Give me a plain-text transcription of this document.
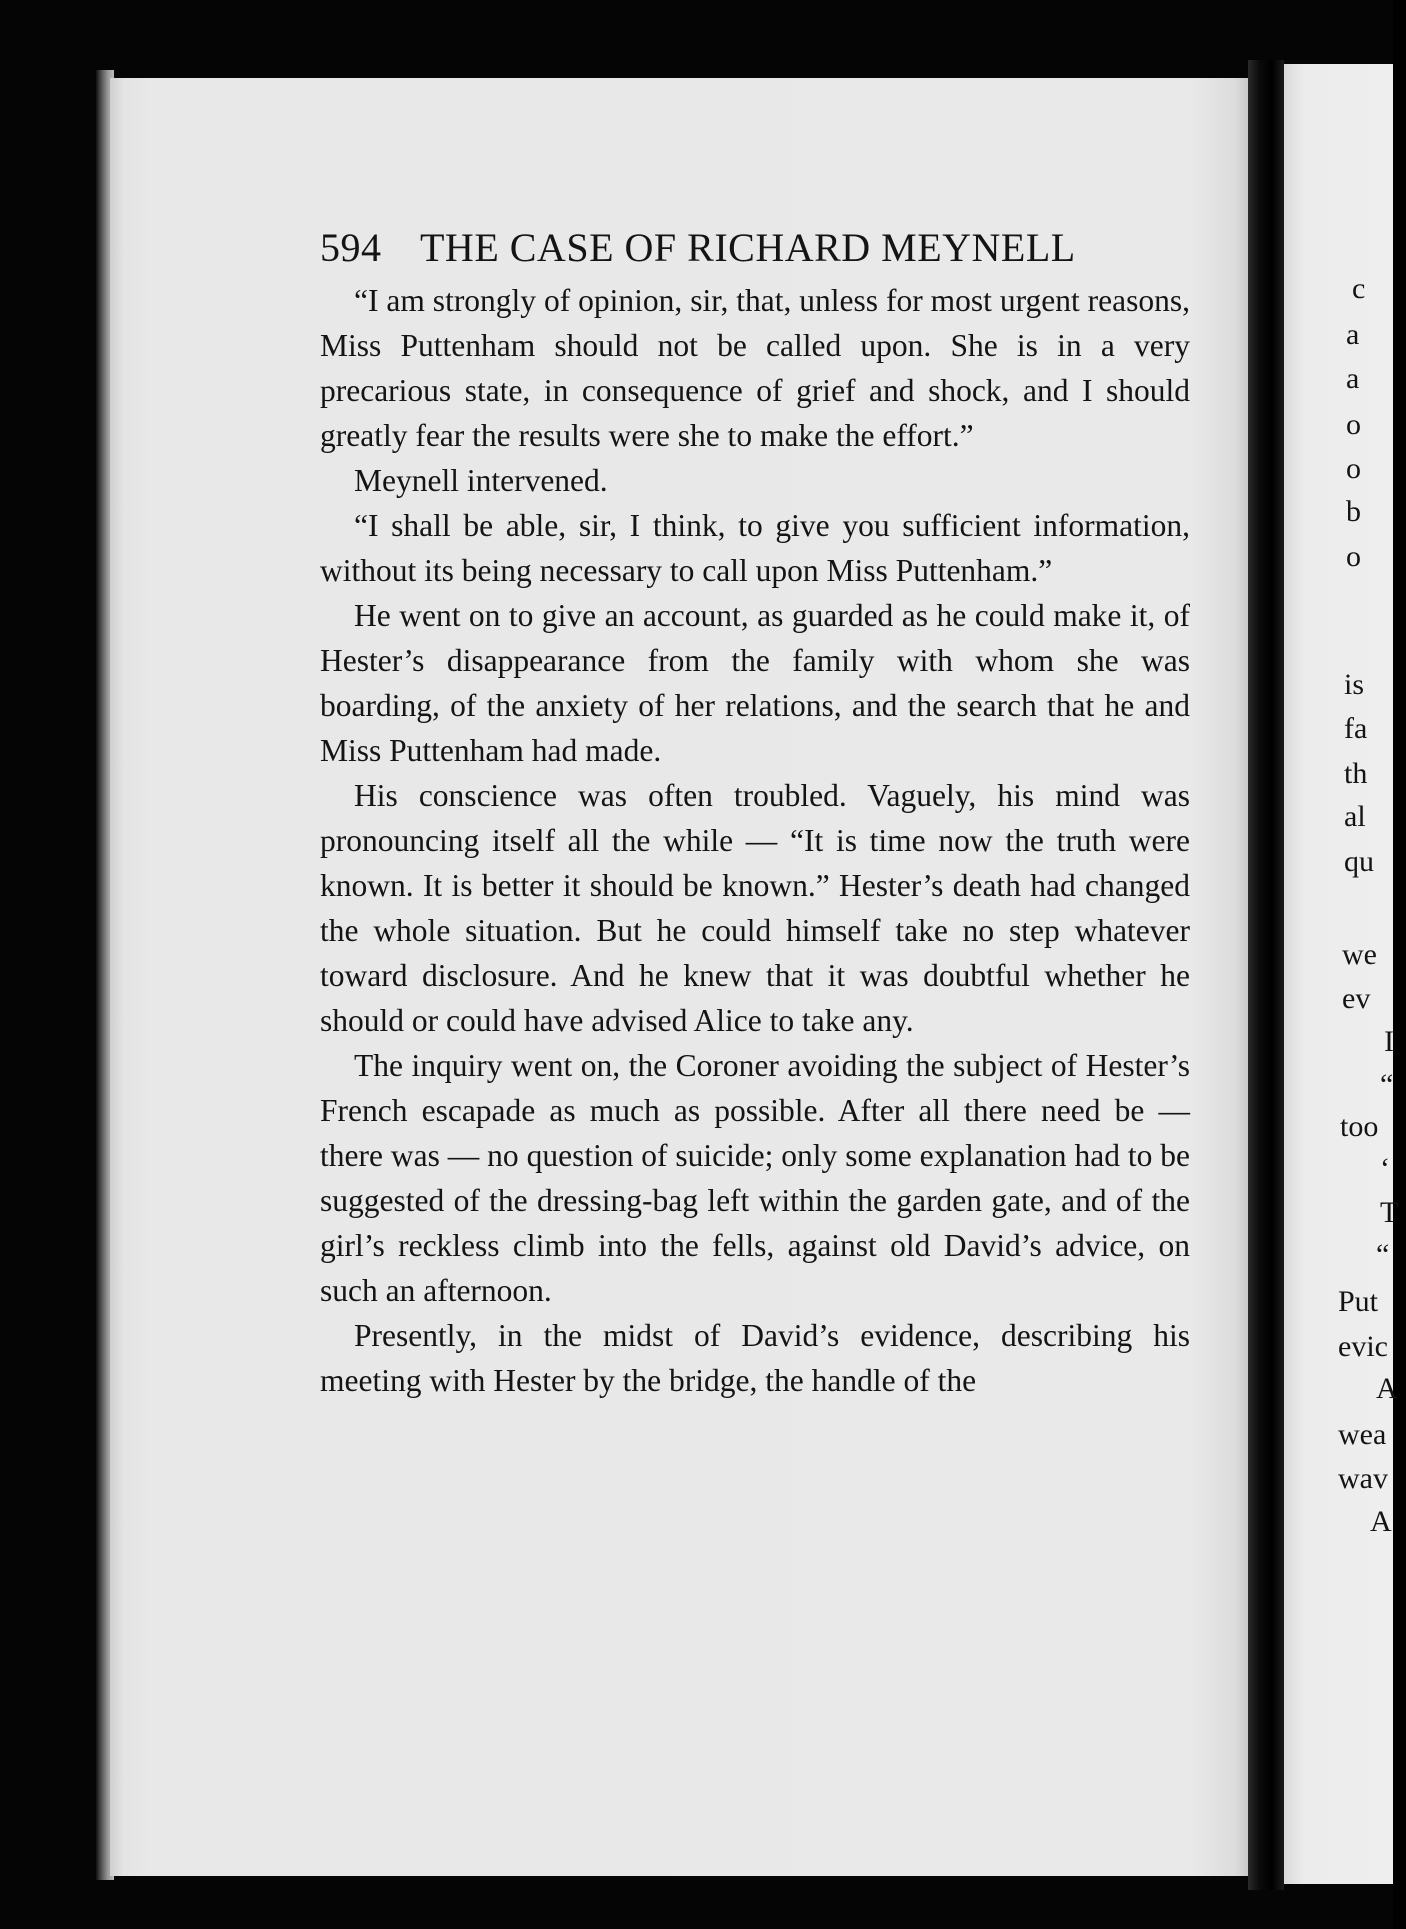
594 THE CASE OF RICHARD MEYNELL

“I am strongly of opinion, sir, that, unless for most urgent reasons, Miss Puttenham should not be called upon. She is in a very precarious state, in consequence of grief and shock, and I should greatly fear the results were she to make the effort.”

Meynell intervened.

“I shall be able, sir, I think, to give you sufficient information, without its being necessary to call upon Miss Puttenham.”

He went on to give an account, as guarded as he could make it, of Hester’s disappearance from the family with whom she was boarding, of the anxiety of her relations, and the search that he and Miss Puttenham had made.

His conscience was often troubled. Vaguely, his mind was pronouncing itself all the while — “It is time now the truth were known. It is better it should be known.” Hester’s death had changed the whole situation. But he could himself take no step whatever toward disclosure. And he knew that it was doubtful whether he should or could have advised Alice to take any.

The inquiry went on, the Coroner avoiding the subject of Hester’s French escapade as much as possible. After all there need be — there was — no question of suicide; only some explanation had to be suggested of the dressing-bag left within the garden gate, and of the girl’s reckless climb into the fells, against old David’s advice, on such an afternoon.

Presently, in the midst of David’s evidence, describing his meeting with Hester by the bridge, the handle of the

c
a
a
o
o
b
o
is
fa
th
al
qu
we
ev
I
“
too
‘
T
“
Put
evic
A
wea
wav
A
